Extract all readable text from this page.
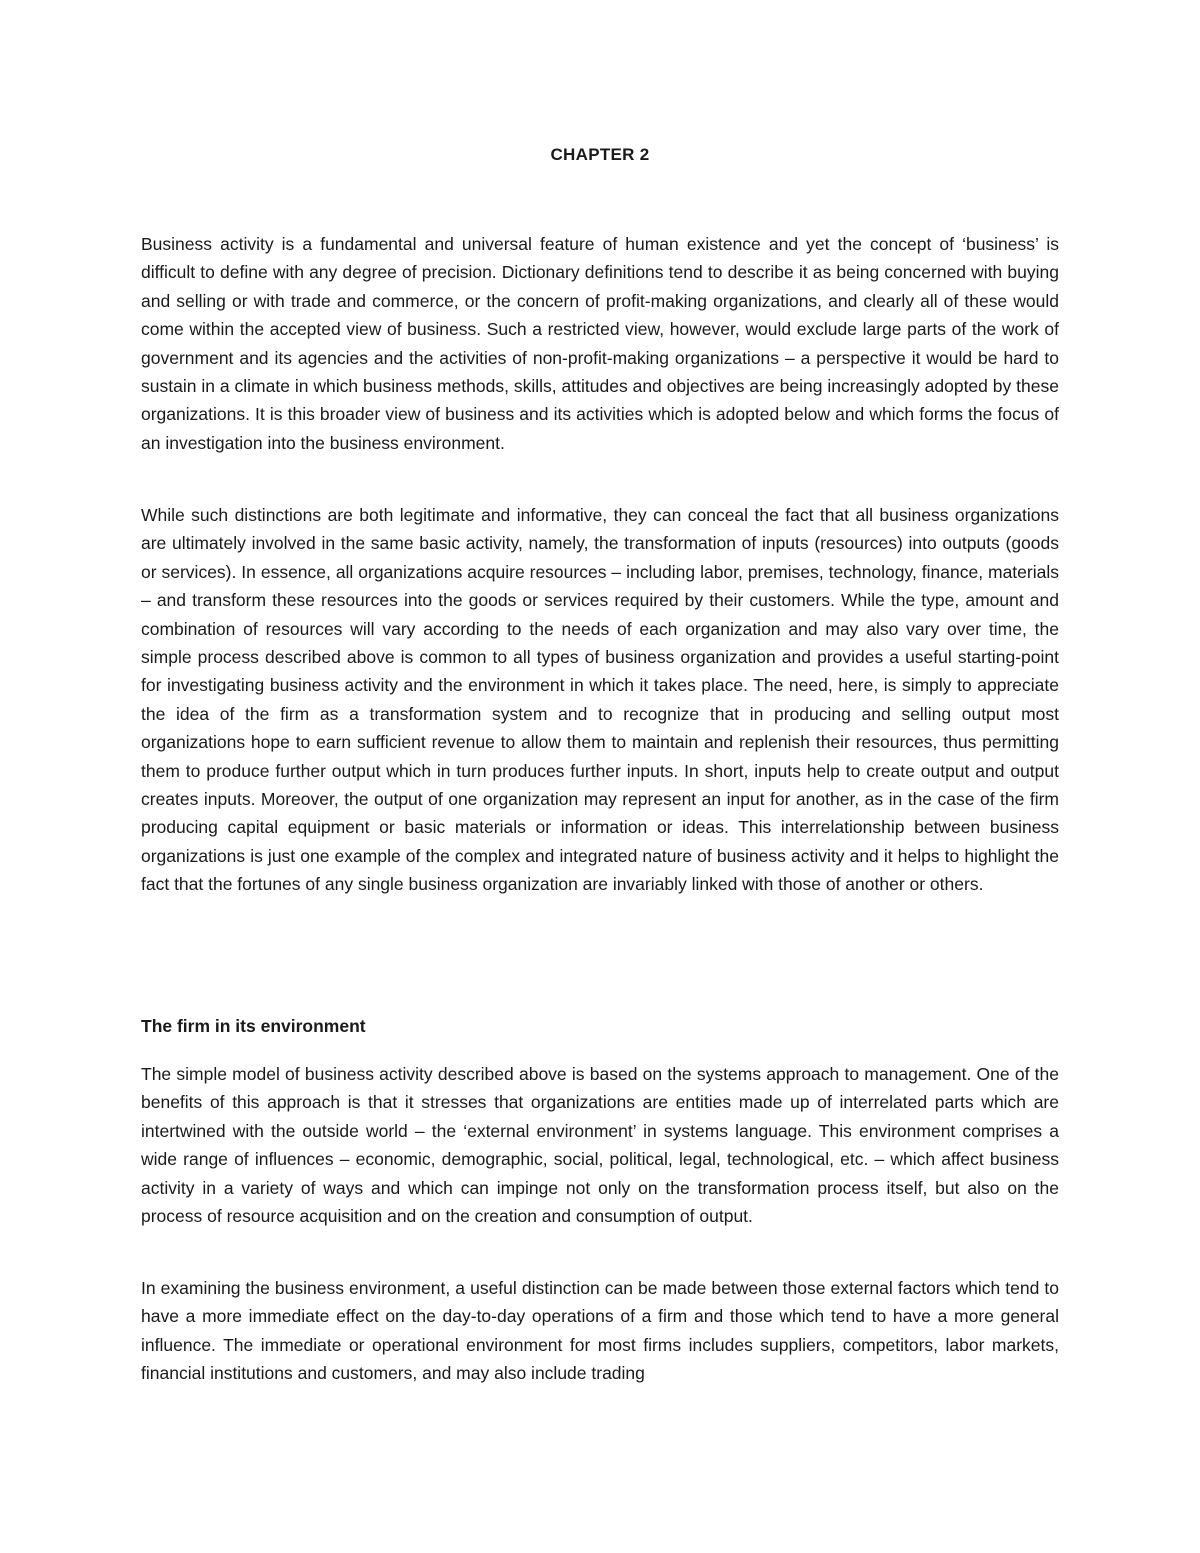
CHAPTER 2

Business activity is a fundamental and universal feature of human existence and yet the concept of ‘business’ is difficult to define with any degree of precision. Dictionary definitions tend to describe it as being concerned with buying and selling or with trade and commerce, or the concern of profit-making organizations, and clearly all of these would come within the accepted view of business. Such a restricted view, however, would exclude large parts of the work of government and its agencies and the activities of non-profit-making organizations – a perspective it would be hard to sustain in a climate in which business methods, skills, attitudes and objectives are being increasingly adopted by these organizations. It is this broader view of business and its activities which is adopted below and which forms the focus of an investigation into the business environment.

While such distinctions are both legitimate and informative, they can conceal the fact that all business organizations are ultimately involved in the same basic activity, namely, the transformation of inputs (resources) into outputs (goods or services). In essence, all organizations acquire resources – including labor, premises, technology, finance, materials – and transform these resources into the goods or services required by their customers. While the type, amount and combination of resources will vary according to the needs of each organization and may also vary over time, the simple process described above is common to all types of business organization and provides a useful starting-point for investigating business activity and the environment in which it takes place. The need, here, is simply to appreciate the idea of the firm as a transformation system and to recognize that in producing and selling output most organizations hope to earn sufficient revenue to allow them to maintain and replenish their resources, thus permitting them to produce further output which in turn produces further inputs. In short, inputs help to create output and output creates inputs. Moreover, the output of one organization may represent an input for another, as in the case of the firm producing capital equipment or basic materials or information or ideas. This interrelationship between business organizations is just one example of the complex and integrated nature of business activity and it helps to highlight the fact that the fortunes of any single business organization are invariably linked with those of another or others.

The firm in its environment

The simple model of business activity described above is based on the systems approach to management. One of the benefits of this approach is that it stresses that organizations are entities made up of interrelated parts which are intertwined with the outside world – the ‘external environment’ in systems language. This environment comprises a wide range of influences – economic, demographic, social, political, legal, technological, etc. – which affect business activity in a variety of ways and which can impinge not only on the transformation process itself, but also on the process of resource acquisition and on the creation and consumption of output.

In examining the business environment, a useful distinction can be made between those external factors which tend to have a more immediate effect on the day-to-day operations of a firm and those which tend to have a more general influence. The immediate or operational environment for most firms includes suppliers, competitors, labor markets, financial institutions and customers, and may also include trading
